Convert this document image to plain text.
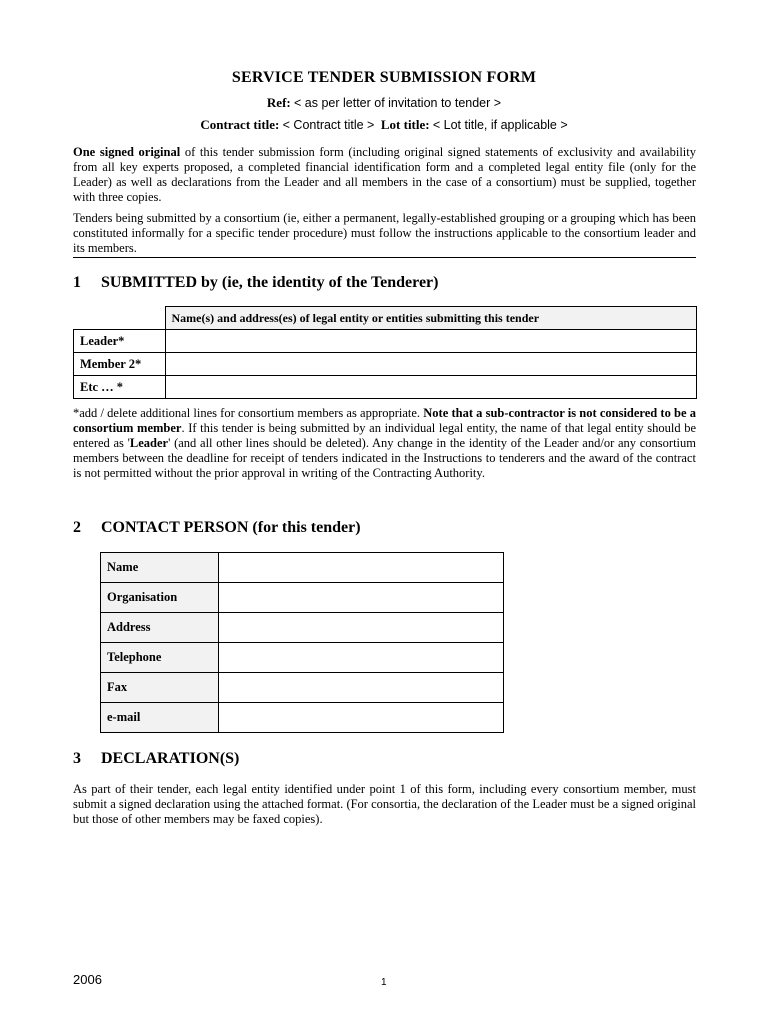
SERVICE TENDER SUBMISSION FORM
Ref: < as per letter of invitation to tender >
Contract title: < Contract title > Lot title: < Lot title, if applicable >
One signed original of this tender submission form (including original signed statements of exclusivity and availability from all key experts proposed, a completed financial identification form and a completed legal entity file (only for the Leader) as well as declarations from the Leader and all members in the case of a consortium) must be supplied, together with three copies.
Tenders being submitted by a consortium (ie, either a permanent, legally-established grouping or a grouping which has been constituted informally for a specific tender procedure) must follow the instructions applicable to the consortium leader and its members.
1 SUBMITTED by (ie, the identity of the Tenderer)
	Name(s) and address(es) of legal entity or entities submitting this tender
Leader*	
Member 2*	
Etc … *	
*add / delete additional lines for consortium members as appropriate. Note that a sub-contractor is not considered to be a consortium member. If this tender is being submitted by an individual legal entity, the name of that legal entity should be entered as 'Leader' (and all other lines should be deleted). Any change in the identity of the Leader and/or any consortium members between the deadline for receipt of tenders indicated in the Instructions to tenderers and the award of the contract is not permitted without the prior approval in writing of the Contracting Authority.
2 CONTACT PERSON (for this tender)
Name	
Organisation	
Address	
Telephone	
Fax	
e-mail	
3 DECLARATION(S)
As part of their tender, each legal entity identified under point 1 of this form, including every consortium member, must submit a signed declaration using the attached format. (For consortia, the declaration of the Leader must be a signed original but those of other members may be faxed copies).
2006	1
